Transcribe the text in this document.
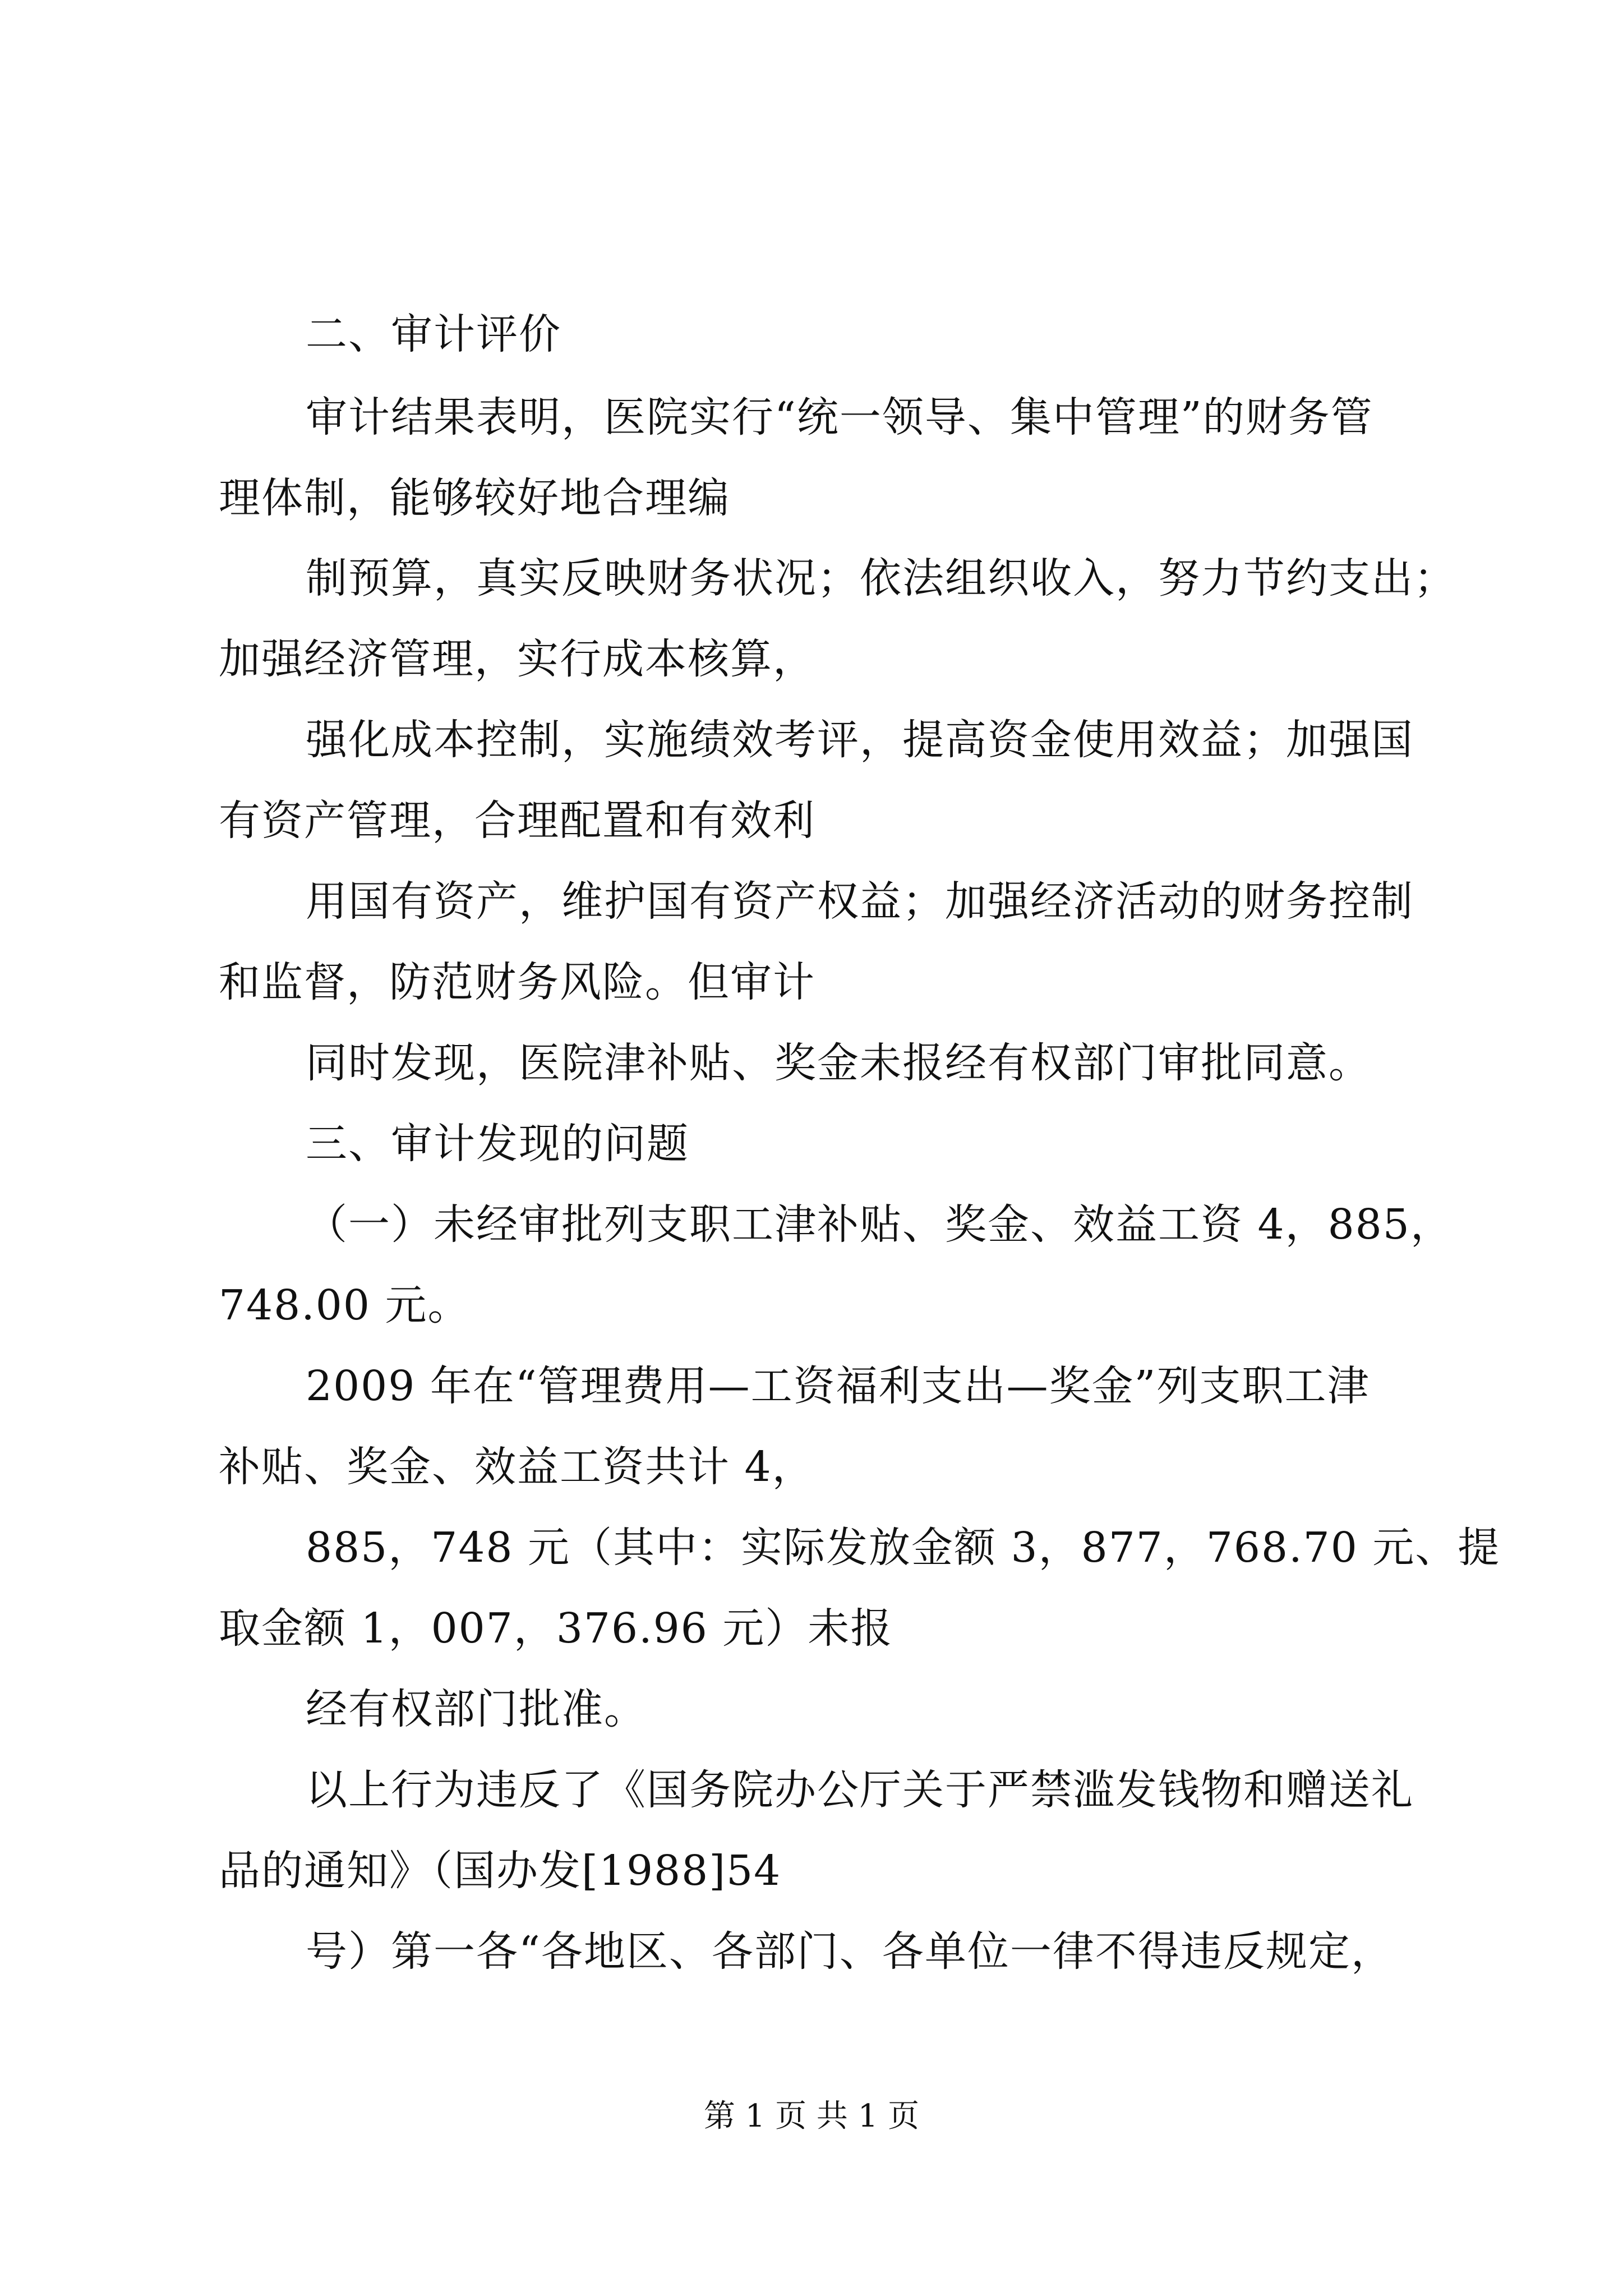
二、审计评价
审计结果表明，医院实行“统一领导、集中管理”的财务管
理体制，能够较好地合理编
制预算，真实反映财务状况；依法组织收入，努力节约支出；
加强经济管理，实行成本核算，
强化成本控制，实施绩效考评，提高资金使用效益；加强国
有资产管理，合理配置和有效利
用国有资产，维护国有资产权益；加强经济活动的财务控制
和监督，防范财务风险。但审计
同时发现，医院津补贴、奖金未报经有权部门审批同意。
三、审计发现的问题
（一）未经审批列支职工津补贴、奖金、效益工资 4，885，
748.00 元。
2009 年在“管理费用—工资福利支出—奖金”列支职工津
补贴、奖金、效益工资共计 4，
885，748 元（其中：实际发放金额 3，877，768.70 元、提
取金额 1，007，376.96 元）未报
经有权部门批准。
以上行为违反了《国务院办公厅关于严禁滥发钱物和赠送礼
品的通知》（国办发[1988]54
号）第一各“各地区、各部门、各单位一律不得违反规定，
第 1 页 共 1 页
